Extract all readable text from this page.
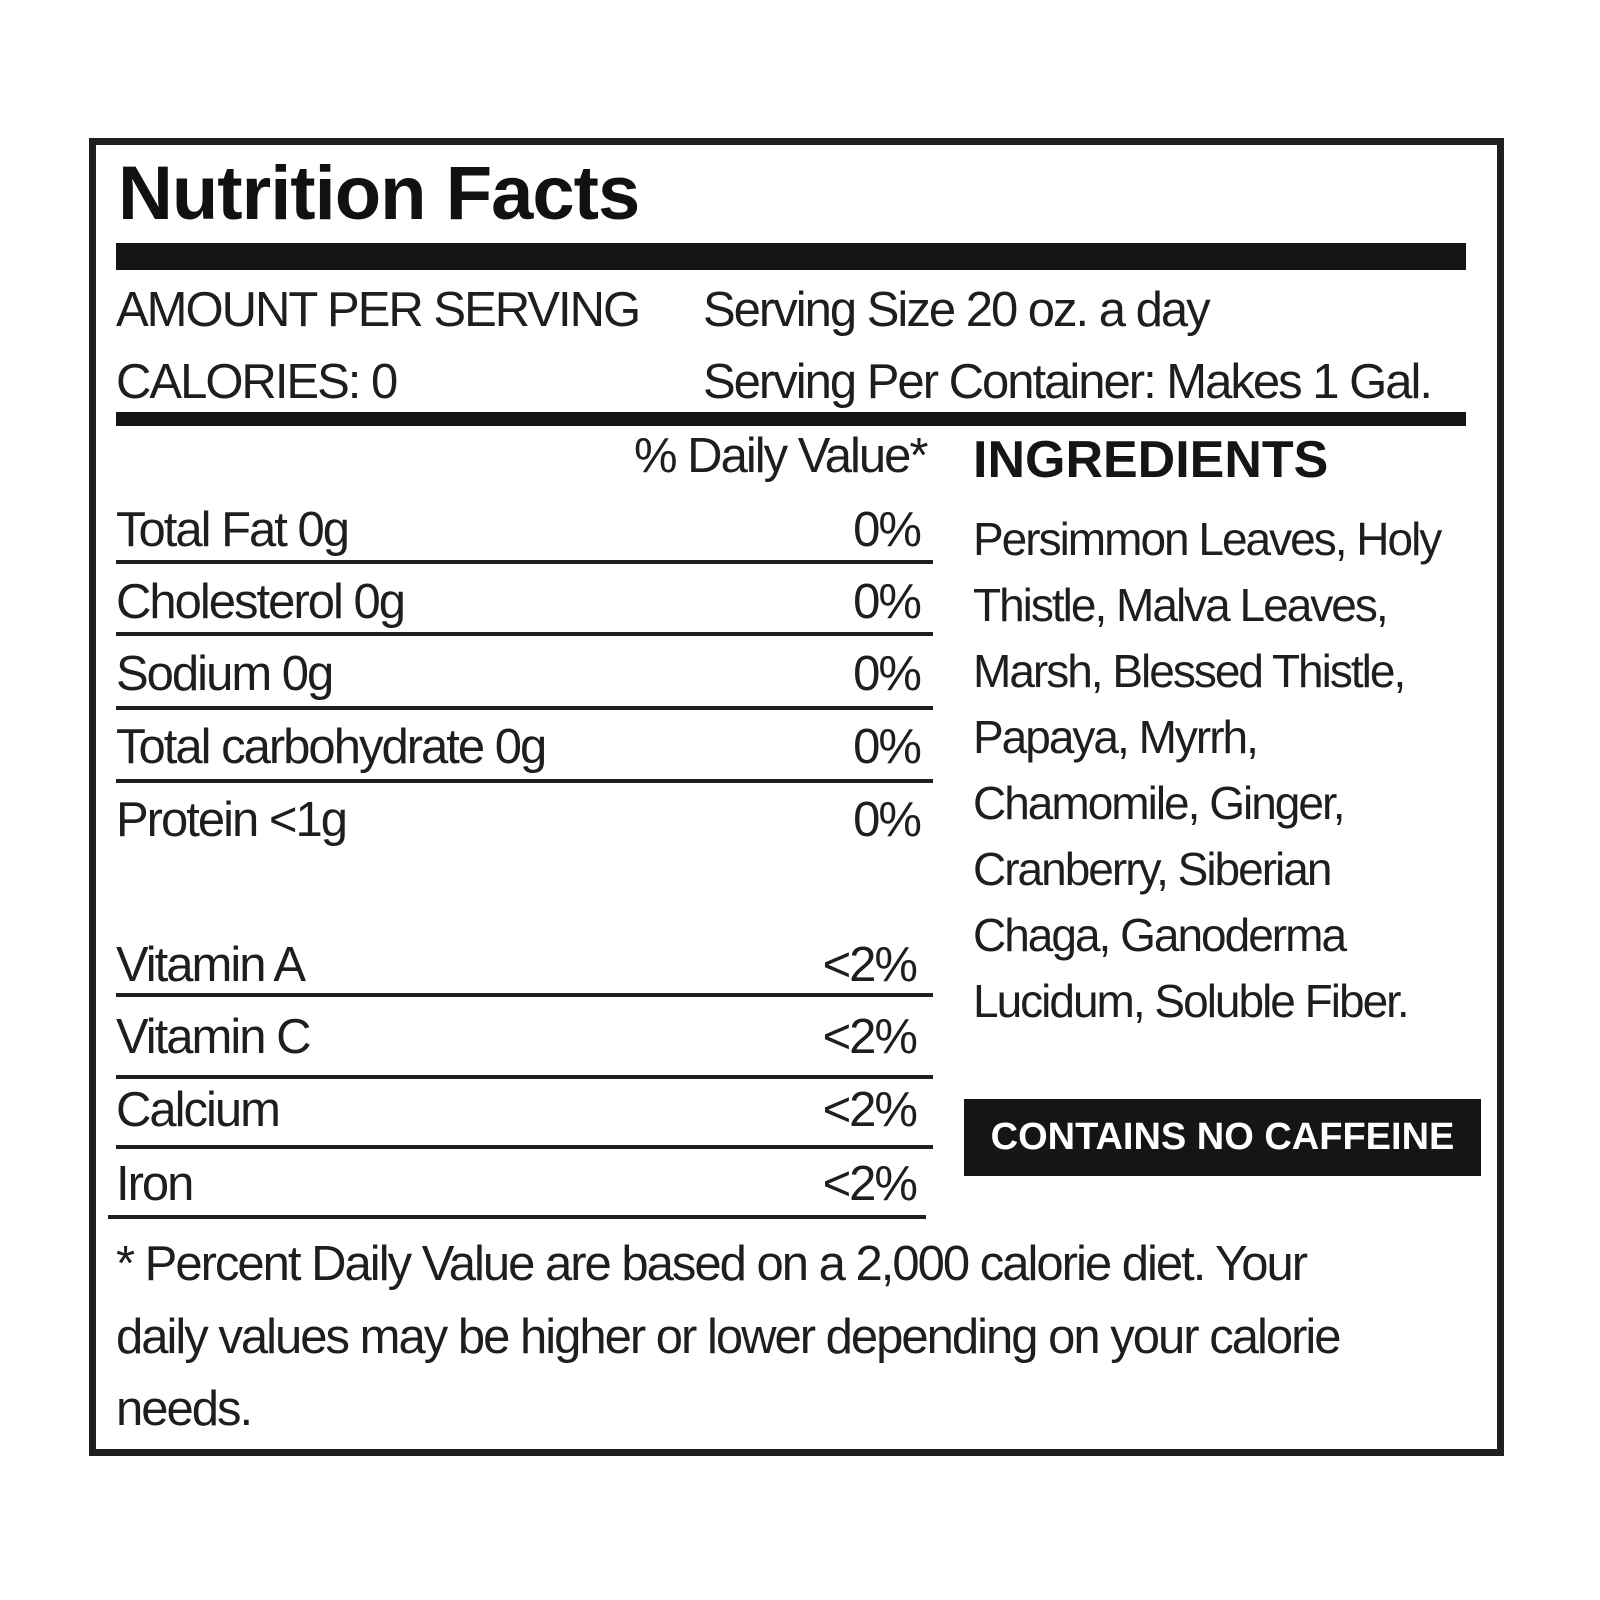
Nutrition Facts
AMOUNT PER SERVING Serving Size 20 oz. a day
CALORIES: 0	Serving Per Container: Makes 1 Gal.
% Daily Value*
Total Fat 0g	0%
Cholesterol 0g	0%
Sodium 0g	0%
Total carbohydrate 0g	0%
Protein <1g	0%
Vitamin A	<2%
Vitamin C	<2%
Calcium	<2%
Iron	<2%
INGREDIENTS
Persimmon Leaves, Holy
Thistle, Malva Leaves,
Marsh, Blessed Thistle,
Papaya, Myrrh,
Chamomile, Ginger,
Cranberry, Siberian
Chaga, Ganoderma
Lucidum, Soluble Fiber.
CONTAINS NO CAFFEINE
* Percent Daily Value are based on a 2,000 calorie diet. Your
daily values may be higher or lower depending on your calorie
needs.
